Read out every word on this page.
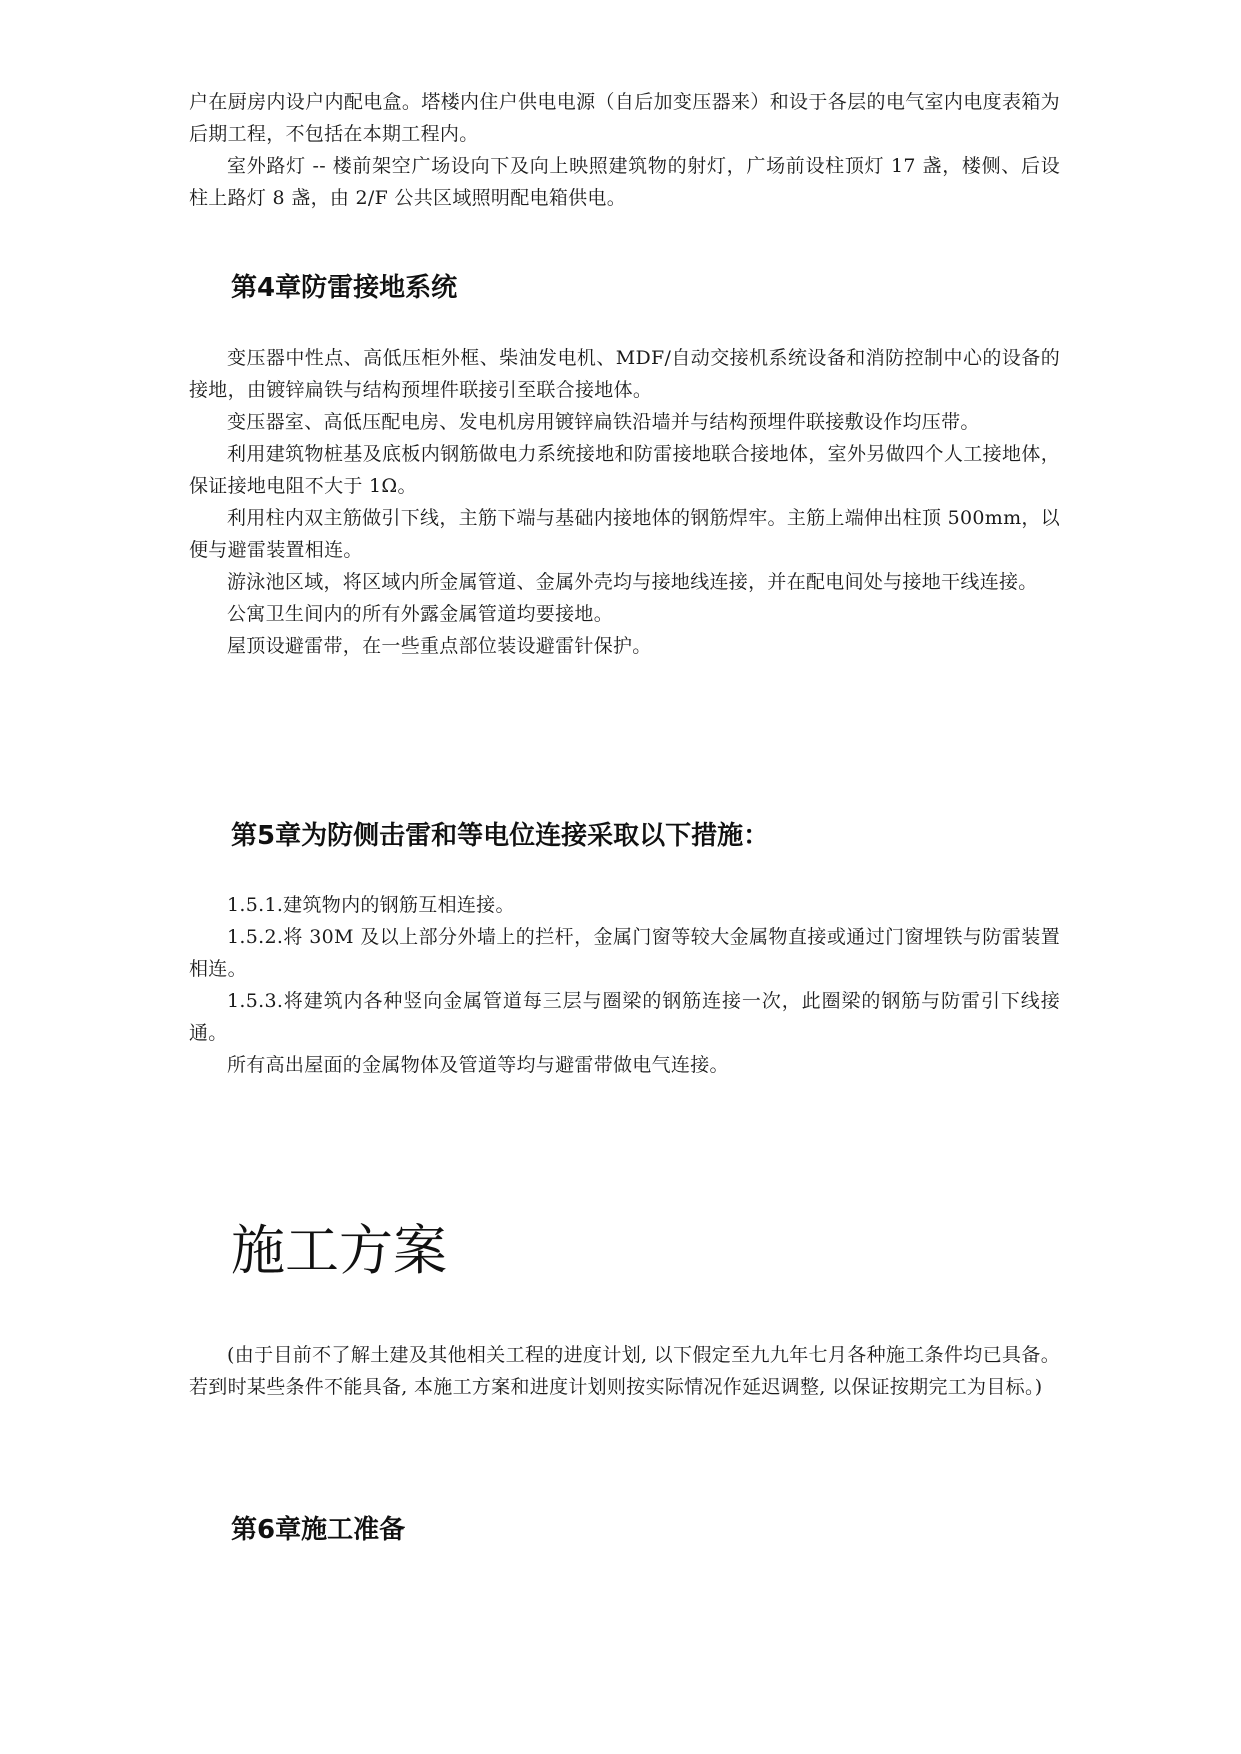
户在厨房内设户内配电盒。塔楼内住户供电电源（自后加变压器来）和设于各层的电气室内电度表箱为后期工程，不包括在本期工程内。

室外路灯 -- 楼前架空广场设向下及向上映照建筑物的射灯，广场前设柱顶灯 17 盏，楼侧、后设柱上路灯 8 盏，由 2/F 公共区域照明配电箱供电。

第4章防雷接地系统

变压器中性点、高低压柜外框、柴油发电机、MDF/自动交接机系统设备和消防控制中心的设备的接地，由镀锌扁铁与结构预埋件联接引至联合接地体。

变压器室、高低压配电房、发电机房用镀锌扁铁沿墙并与结构预埋件联接敷设作均压带。

利用建筑物桩基及底板内钢筋做电力系统接地和防雷接地联合接地体，室外另做四个人工接地体，保证接地电阻不大于 1Ω。

利用柱内双主筋做引下线，主筋下端与基础内接地体的钢筋焊牢。主筋上端伸出柱顶 500mm，以便与避雷装置相连。

游泳池区域，将区域内所金属管道、金属外壳均与接地线连接，并在配电间处与接地干线连接。

公寓卫生间内的所有外露金属管道均要接地。

屋顶设避雷带，在一些重点部位装设避雷针保护。

第5章为防侧击雷和等电位连接采取以下措施：

1.5.1.建筑物内的钢筋互相连接。

1.5.2.将 30M 及以上部分外墙上的拦杆，金属门窗等较大金属物直接或通过门窗埋铁与防雷装置相连。

1.5.3.将建筑内各种竖向金属管道每三层与圈梁的钢筋连接一次，此圈梁的钢筋与防雷引下线接通。

所有高出屋面的金属物体及管道等均与避雷带做电气连接。

施工方案

(由于目前不了解土建及其他相关工程的进度计划, 以下假定至九九年七月各种施工条件均已具备。若到时某些条件不能具备, 本施工方案和进度计划则按实际情况作延迟调整, 以保证按期完工为目标。)

第6章施工准备
